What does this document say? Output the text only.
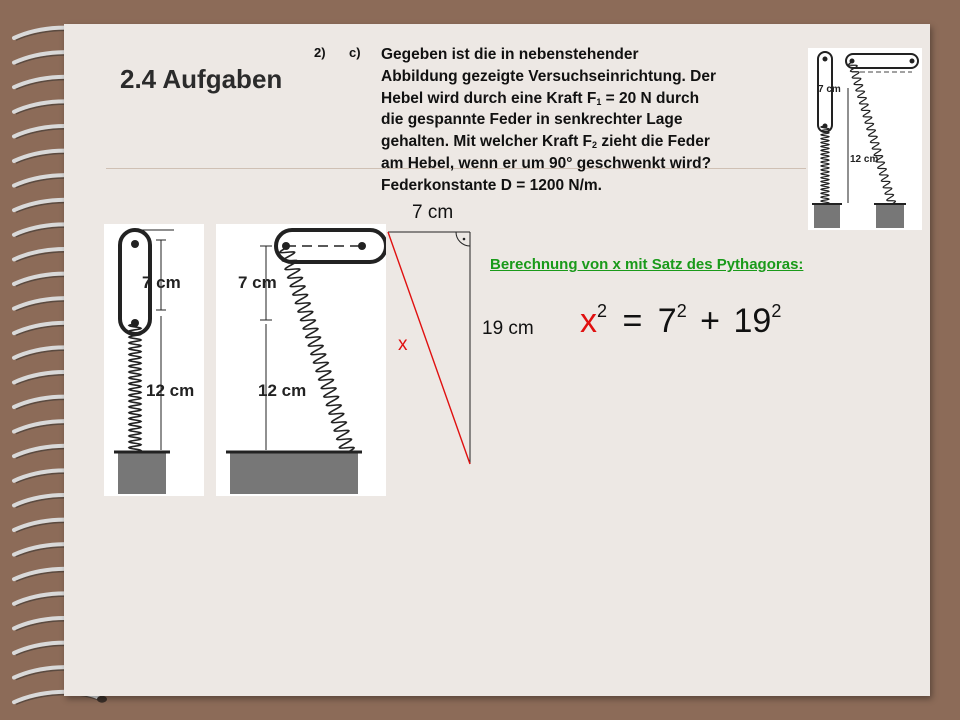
2.4 Aufgaben
2) c) Gegeben ist die in nebenstehender

Abbildung gezeigte Versuchseinrichtung. Der

Hebel wird durch eine Kraft $F_1 = 20$ N durch

die gespannte Feder in senkrechter Lage

gehalten. Mit welcher Kraft $F_2$ zieht die Feder

am Hebel, wenn er um 90° geschwenkt wird?

Federkonstante D = 1200 N/m.

7 cm
12 cm
7 cm
12 cm
7 cm
12 cm
7 cm
19 cm
x
Berechnung von x mit Satz des Pythagoras:
$x^2 = 7^2 + 19^2$
